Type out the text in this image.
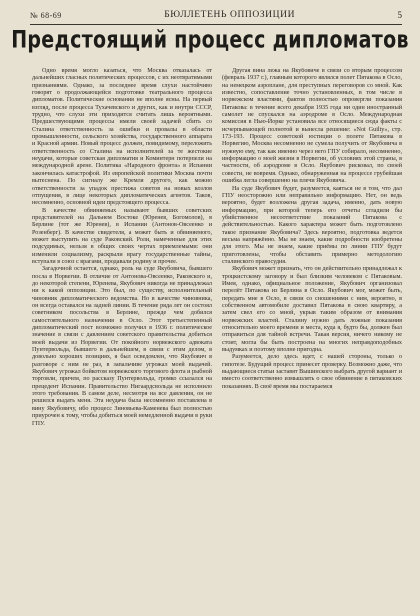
№ 68-69	БЮЛЛЕТЕНЬ ОППОЗИЦИИ	5
Предстоящий процесс дипломатов

Одно время могло казаться, что Москва отказалась от дальнейших гласных политических процессов, с их неотвратимыми признаниями. Однако, за последнее время слухи настойчиво говорят о продолжающейся подготовке театрального процесса дипломатов. Политические основания не вполне ясны. На первый взгляд, после процесса Тухачевского и других, как и внутри СССР, трудно, что слухи эти приходится считать лишь вероятными. Предшествующими процессы имели своей задачей сбить со Сталина ответственность за ошибки и провалы в области промышленности, сельского хозяйства, государственного аппарата и Красной армии. Новый процесс должен, повидимому, переложить ответственность со Сталина на исполнителей за те жестокие неудачи, которые советская дипломатия и Коминтерн потерпели на международной арене. Политика «Народного фронта» в Испании закончилась катастрофой. Из европейской политики Москва почти вытеснена. По сигналу же Кремля другого, как можно ответственности за упадок престижа советов на новых козлов отпущения, в лице некоторых дипломатических агентов. Таков, несомненно, основной идеи предстоящего процесса.

В качестве обвиняемых называют бывших советских представителей на Дальнем Востоке (Юренев, Богомолов), в Берлине (тот же Юренев), в Испании (Антонов-Овсеенко и Розенберг). В качестве свидетеля, а может быть и обвиняемого, может выступить на суде Раковский. Роли, намеченные для этих подсудимых, нельзя в общих своих чертах приемлемыми: они изменили социализму, раскрыли врагу государственные тайны, вступали в союз с врагами, продавали родину и прочее.

Загадочной остается, однако, роль на суде Якубовича, бывшего посла в Норвегии. В отличие от Антонова-Овсеенко, Раковского и, до некоторой степени, Юренева, Якубович никогда не принадлежал ни к какой оппозиции. Это был, по существу, исполнительный чиновник дипломатического ведомства. Но в качестве чиновника, он всегда оставался на задней линии. В течение ряда лет он состоял советником посольства в Берлине, прежде чем добился самостоятельного назначения в Осло. Этот третьестепенный дипломатический пост возможно получил в 1936 г. политическое значение в связи с давлением советского правительства добиться моей выдачи из Норвегии. От покойного норвежского адвоката Пунтервольда, бывшего в дальнейшем, в связи с этим делом, в довольно хороших позициях, я был осведомлен, что Якубович в разговоре с ним не раз, в запальчиве угрожал моей выдачей. Якубович угрожал бойкотом норвежского торгового флота и рыбной торговли, причем, по рассказу Пунтервольда, громко ссылался на прецедент Испании. Правительство Нигаардсвольда не исполнило этого требования. В самом деле, несмотря на все давления, он не решился выдать меня. Эта неудача была несомненно поставлена в вину Якубовичу, ибо процесс Зиновьева-Каменева был полностью приурочен к тому, чтобы добиться моей немедленной выдачи в руки ГПУ.

Другая вина лежа на Якубовиче в связи со вторым процессом (февраль 1937 г.), главным которого являлся полет Пятакова в Осло, на немецком аэроплане, для преступных переговоров со мной. Как известно, сопоставление точно установленных, в том числе в норвежском властями, фактов полностью опровергли показания Пятакова: в течение всего декабря 1935 года ни один иностранный самолет не спускался на аэродроме в Осло. Международная комиссия в Нью-Йорке установила все относящиеся сюда факты с исчерпывающей полнотой и вынесла решение: «Not Guilty», стр. 173-193. Процесс советской юстиции о полете Пятакова в Норвегию, Москва несомненно не сумела получить от Якубовича в нужную ему, так как именно через него ГПУ собирало, несомненно, информацию о моей жизни в Норвегии, об условиях этой страны, в частности, об аэродроме в Осло. Якубович рисковал, по своей совести, не вовремя. Однако, обнаруженная на процессе грубейшая ошибка легла совершенно на плечи Якубовича.

На суде Якубович будет, разумеется, каяться не в том, что дал ГПУ неосторожно или неправильно информацию. Нет, он ведь вероятно, будет возложена другая задача, именно, дать новую информацию, при которой теперь его отчеты сгладили бы убийственное несоответствие показаний Пятакова с действительностью. Какого характера может быть подготовлено такое признание Якубовича? Здесь вероятно, подготовка ведется весьма напряжённо. Мы не знаем, какие подробности изобретены для этого. Мы не знаем, какие приёмы по линии ГПУ будут приготовлены, чтобы обставить примерно методологию сталинского правосудия.

Якубович может признать, что он действительно принадлежал к троцкистскому заговору и был близким человеком с Пятаковым. Имея, однако, официальное положение, Якубович организовал перелёт Пятакова из Берлина в Осло. Якубович мог, может быть, передать мне в Осло, в связи со сношениями с ним, вероятно, в собственном автомобиле доставил Пятакова в свою квартиру, а затем свел его со мной, укрыв таким образом от внимания норвежских властей. Сталину нужно дать ложные показания относительно моего времени и места, куда я, будто бы, должен был отправиться для тайной встречи. Такая версия, ничего никому не стоит, могла бы быть построена на многих неправдоподобных выдумках и поэтому вполне пригодна.

Разумеется, дело здесь идет, с нашей стороны, только о гипотезе. Будущий процесс принесет проверку. Возможно даже, что выдающиеся статьи заставят Вышинского выбрать другой вариант и вместо соответственно измышлять о свое обвинение в пятаковских показаниях. В своё время мы постараемся
